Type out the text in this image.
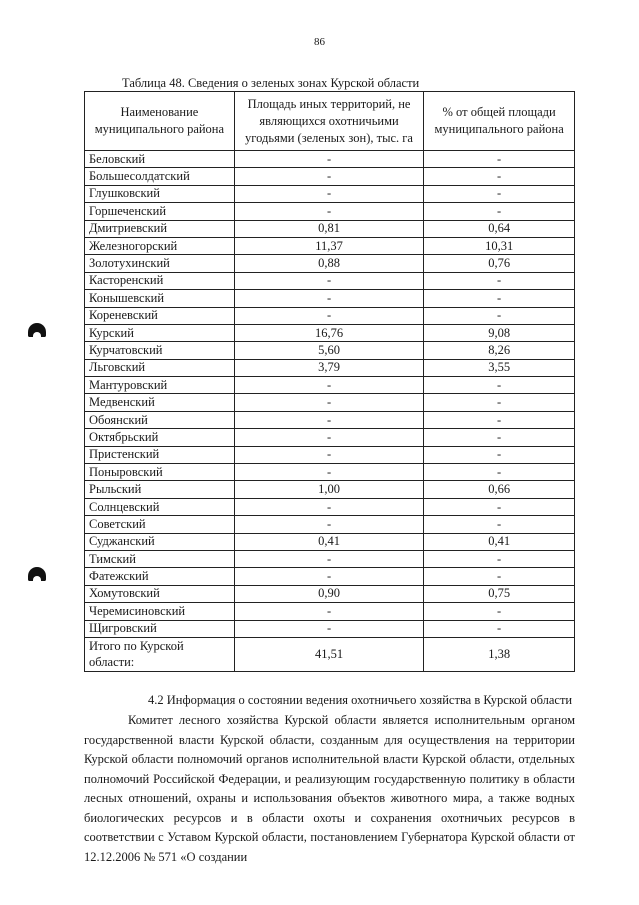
86
Таблица 48. Сведения о зеленых зонах Курской области
Наименование муниципального района	Площадь иных территорий, не являющихся охотничьими угодьями (зеленых зон), тыс. га	% от общей площади муниципального района
Беловский	-	-
Большесолдатский	-	-
Глушковский	-	-
Горшеченский	-	-
Дмитриевский	0,81	0,64
Железногорский	11,37	10,31
Золотухинский	0,88	0,76
Касторенский	-	-
Конышевский	-	-
Кореневский	-	-
Курский	16,76	9,08
Курчатовский	5,60	8,26
Льговский	3,79	3,55
Мантуровский	-	-
Медвенский	-	-
Обоянский	-	-
Октябрьский	-	-
Пристенский	-	-
Поныровский	-	-
Рыльский	1,00	0,66
Солнцевский	-	-
Советский	-	-
Суджанский	0,41	0,41
Тимский	-	-
Фатежский	-	-
Хомутовский	0,90	0,75
Черемисиновский	-	-
Щигровский	-	-
Итого по Курской области:	41,51	1,38
4.2 Информация о состоянии ведения охотничьего хозяйства в Курской области
Комитет лесного хозяйства Курской области является исполнительным органом государственной власти Курской области, созданным для осуществления на территории Курской области полномочий органов исполнительной власти Курской области, отдельных полномочий Российской Федерации, и реализующим государственную политику в области лесных отношений, охраны и использования объектов животного мира, а также водных биологических ресурсов и в области охоты и сохранения охотничьих ресурсов в соответствии с Уставом Курской области, постановлением Губернатора Курской области от 12.12.2006 № 571 «О создании
